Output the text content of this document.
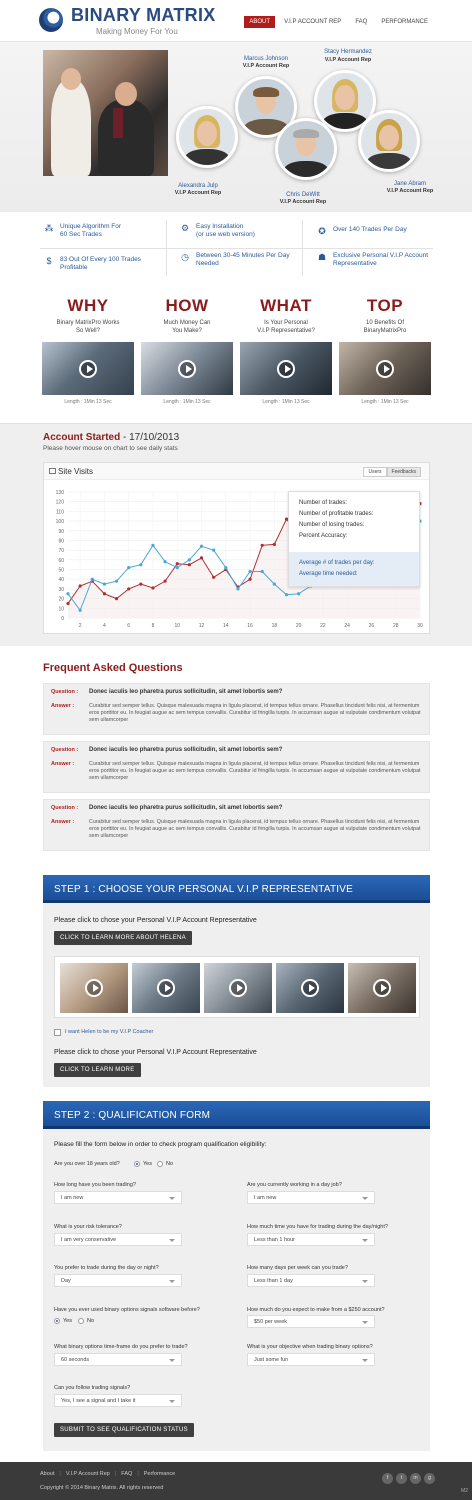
BINARY MATRIX
Making Money For You
ABOUT	V.I.P ACCOUNT REP	FAQ	PERFORMANCE
Marcus Johnson
V.I.P Account Rep
Stacy Hermandez
V.I.P Account Rep
Alexandra Julp
V.I.P Account Rep	Chris DeWitt
V.I.P Account Rep
Jane Abram
V.I.P Account Rep
⁂ Unique Algorithm For
60 Sec Trades
⚙ Easy Installation
(or use web version)	✪ Over 140 Trades Per Day
$	83 Out Of Every 100 Trades
Profitable
◷ Between 30-45 Minutes Per Day
Needed
☗ Exclusive Personal V.I.P Account
Representative
WHY
Binary MatrixPro Works
So Well?
Length : 1Min 13 Sec
HOW
Much Money Can
You Make?
Length : 1Min 13 Sec
WHAT
Is Your Personal
V.I.P Representative?
Length : 1Min 13 Sec
TOP
10 Benefits Of
BinaryMatrixPro
Length : 1Min 13 Sec
Account Started - 17/10/2013
Please hover mouse on chart to see daily stats
Site Visits	Users	Feedbacks
0
10
20
30
40
50
60
70
80
90
100
110
120
130
2	4	6	8	10	12	14	16	18	20	22	24	26	28	30
Number of trades:
Number of profitable trades:
Number of losing trades:
Percent Accuracy:
Average # of trades per day:
Average time needed:
Frequent Asked Questions
Question : Donec iaculis leo pharetra purus sollicitudin, sit amet lobortis sem?
Answer :	Curabitur sed semper tellus. Quisque malesuada magna in ligula placerat, id tempus tellus ornare. Phasellus tincidunt felis nisi, at fermentum eros porttitor eu. In feugiat augue ac sem tempus convallis. Curabitur id fringilla turpis. In accumsan augue at vulputate condimentum volutpat sem ullamcorper
Question : Donec iaculis leo pharetra purus sollicitudin, sit amet lobortis sem?
Answer :	Curabitur sed semper tellus. Quisque malesuada magna in ligula placerat, id tempus tellus ornare. Phasellus tincidunt felis nisi, at fermentum eros porttitor eu. In feugiat augue ac sem tempus convallis. Curabitur id fringilla turpis. In accumsan augue at vulputate condimentum volutpat sem ullamcorper
Question : Donec iaculis leo pharetra purus sollicitudin, sit amet lobortis sem?
Answer :	Curabitur sed semper tellus. Quisque malesuada magna in ligula placerat, id tempus tellus ornare. Phasellus tincidunt felis nisi, at fermentum eros porttitor eu. In feugiat augue ac sem tempus convallis. Curabitur id fringilla turpis. In accumsan augue at vulputate condimentum volutpat sem ullamcorper
STEP 1 : CHOOSE YOUR PERSONAL V.I.P REPRESENTATIVE
Please click to chose your Personal V.I.P Account Representative
CLICK TO LEARN MORE ABOUT HELENA
I want Helen to be my V.I.P Coacher
Please click to chose your Personal V.I.P Account Representative
CLICK TO LEARN MORE
STEP 2 : QUALIFICATION FORM
Please fill the form below in order to check program qualification eligibility:
Are you over 18 years old?	Yes	No
How long have you been trading?
I am new
Are you currently working in a day job?
I am new
What is your risk tolerance?
I am very conservative
How much time you have for trading during the day/night?
Less than 1 hour
You prefer to trade during the day or night?
Day
How many days per week can you trade?
Less than 1 day
Have you ever used binary options signals software before?
Yes	No
How much do you expect to make from a $250 account?
$50 per week
What binary options time-frame do you prefer to trade?
60 seconds
What is your objective when trading binary options?
Just some fun
Can you follow trading signals?
Yes, I see a signal and I take it
SUBMIT TO SEE QUALIFICATION STATUS
About | V.I.P Account Rep | FAQ | Performance
Copyright © 2014 Binary Matrix. All rights reserved
f	t	in	g
M2
